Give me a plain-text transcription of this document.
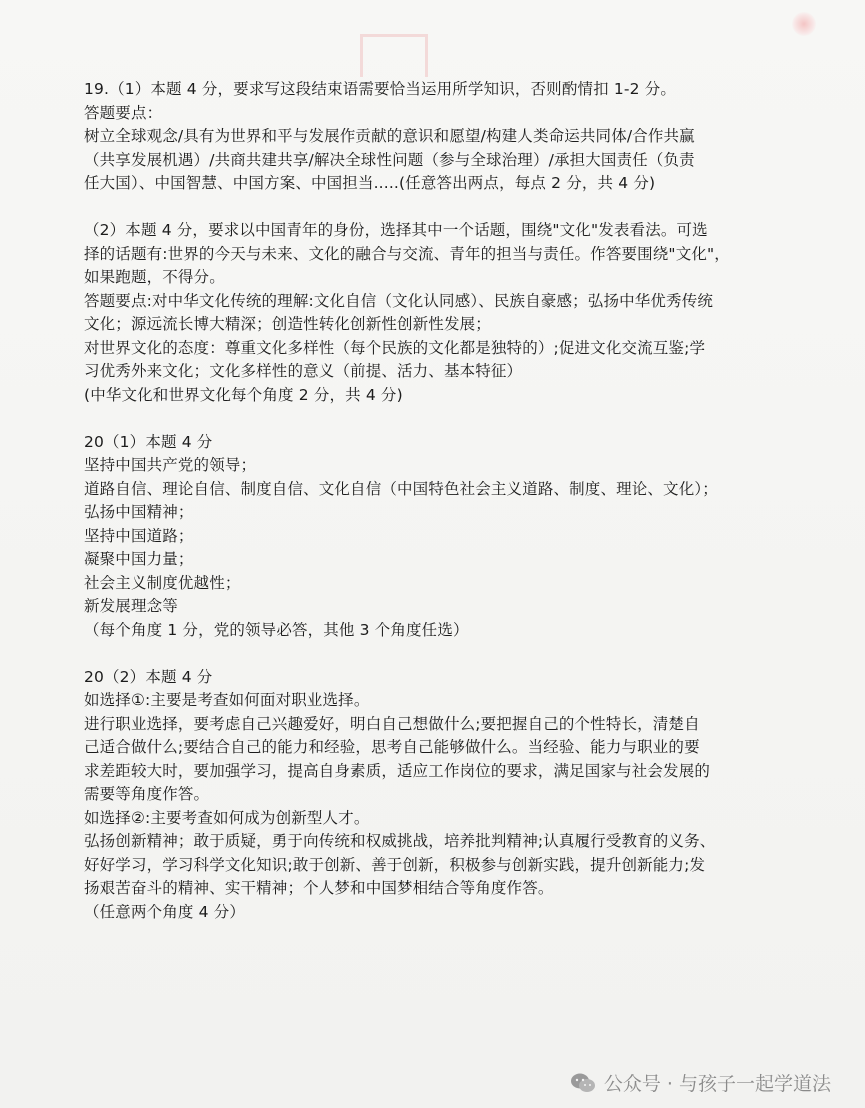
19.（1）本题 4 分，要求写这段结束语需要恰当运用所学知识，否则酌情扣 1-2 分。
答题要点：
树立全球观念/具有为世界和平与发展作贡献的意识和愿望/构建人类命运共同体/合作共赢
（共享发展机遇）/共商共建共享/解决全球性问题（参与全球治理）/承担大国责任（负责
任大国）、中国智慧、中国方案、中国担当.....(任意答出两点，每点 2 分，共 4 分)
（2）本题 4 分，要求以中国青年的身份，选择其中一个话题，围绕"文化"发表看法。可选
择的话题有:世界的今天与未来、文化的融合与交流、青年的担当与责任。作答要围绕"文化"，
如果跑题，不得分。
答题要点:对中华文化传统的理解:文化自信（文化认同感）、民族自豪感；弘扬中华优秀传统
文化；源远流长博大精深；创造性转化创新性创新性发展；
对世界文化的态度：尊重文化多样性（每个民族的文化都是独特的）;促进文化交流互鉴;学
习优秀外来文化；文化多样性的意义（前提、活力、基本特征）
(中华文化和世界文化每个角度 2 分，共 4 分)
20（1）本题 4 分
坚持中国共产党的领导；
道路自信、理论自信、制度自信、文化自信（中国特色社会主义道路、制度、理论、文化）；
弘扬中国精神；
坚持中国道路；
凝聚中国力量；
社会主义制度优越性；
新发展理念等
（每个角度 1 分，党的领导必答，其他 3 个角度任选）
20（2）本题 4 分
如选择①:主要是考查如何面对职业选择。
进行职业选择，要考虑自己兴趣爱好，明白自己想做什么;要把握自己的个性特长，清楚自
己适合做什么;要结合自己的能力和经验，思考自己能够做什么。当经验、能力与职业的要
求差距较大时，要加强学习，提高自身素质，适应工作岗位的要求，满足国家与社会发展的
需要等角度作答。
如选择②:主要考查如何成为创新型人才。
弘扬创新精神；敢于质疑，勇于向传统和权威挑战，培养批判精神;认真履行受教育的义务、
好好学习，学习科学文化知识;敢于创新、善于创新，积极参与创新实践，提升创新能力;发
扬艰苦奋斗的精神、实干精神；个人梦和中国梦相结合等角度作答。
（任意两个角度 4 分）
公众号 · 与孩子一起学道法
